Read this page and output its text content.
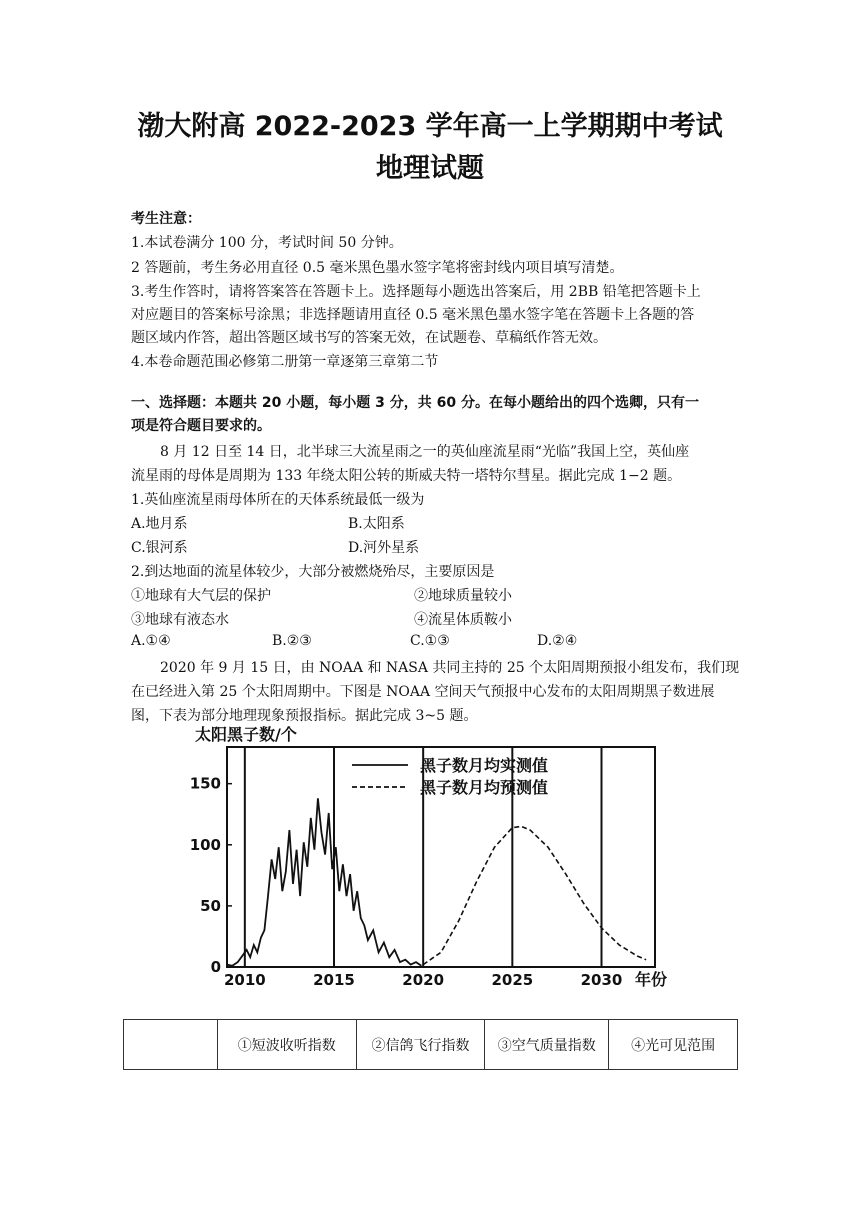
渤大附高 2022-2023 学年高一上学期期中考试
地理试题
考生注意：
1.本试卷满分 100 分，考试时间 50 分钟。
2 答题前，考生务必用直径 0.5 毫米黑色墨水签字笔将密封线内项目填写清楚。
3.考生作答时，请将答案答在答题卡上。选择题每小题选出答案后，用 2BB 铅笔把答题卡上
对应题目的答案标号涂黑；非选择题请用直径 0.5 毫米黑色墨水签字笔在答题卡上各题的答
题区域内作答，超出答题区域书写的答案无效，在试题卷、草稿纸作答无效。
4.本卷命题范围必修第二册第一章逐第三章第二节
一、选择题：本题共 20 小题，每小题 3 分，共 60 分。在每小题给出的四个选卿，只有一
项是符合题目要求的。
8 月 12 日至 14 日，北半球三大流星雨之一的英仙座流星雨“光临”我国上空，英仙座
流星雨的母体是周期为 133 年绕太阳公转的斯威夫特一塔特尔彗星。据此完成 1−2 题。
1.英仙座流星雨母体所在的天体系统最低一级为
A.地月系	B.太阳系
C.银河系	D.河外星系
2.到达地面的流星体较少，大部分被燃烧殆尽，主要原因是
①地球有大气层的保护	②地球质量较小
③地球有液态水	④流星体质鞍小
A.①④	B.②③	C.①③	D.②④
2020 年 9 月 15 日，由 NOAA 和 NASA 共同主持的 25 个太阳周期预报小组发布，我们现
在已经进入第 25 个太阳周期中。下图是 NOAA 空间天气预报中心发布的太阳周期黑子数进展
图，下表为部分地理现象预报指标。据此完成 3~5 题。
2010	2015	2020	2025	2030
0
50
100
150
太阳黑子数/个
年份
黑子数月均实测值
黑子数月均预测值
	①短波收听指数	②信鸽飞行指数	③空气质量指数	④光可见范围
